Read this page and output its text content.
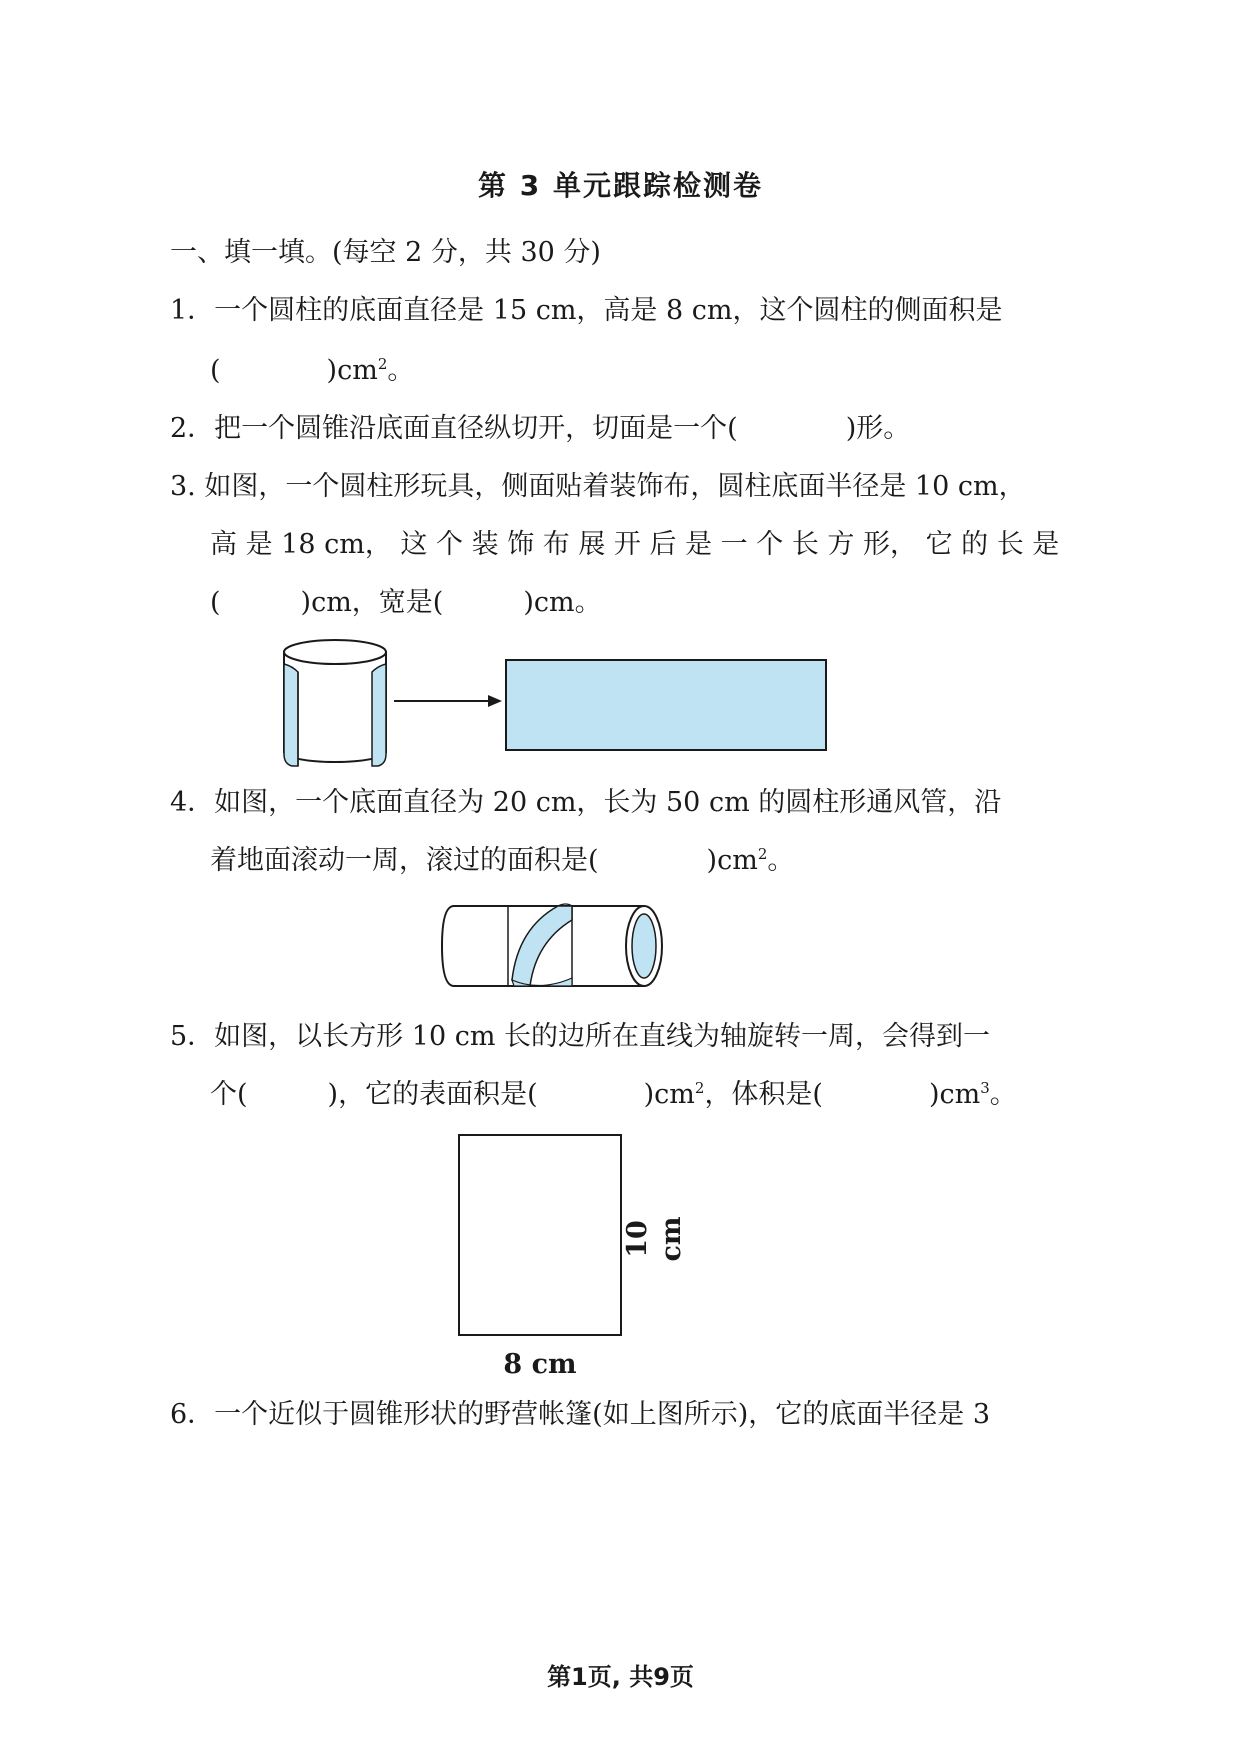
第 3 单元跟踪检测卷
一、填一填。(每空 2 分，共 30 分)
1．一个圆柱的底面直径是 15 cm，高是 8 cm，这个圆柱的侧面积是
(	)$cm^2$。
2．把一个圆锥沿底面直径纵切开，切面是一个(	)形。
3. 如图，一个圆柱形玩具，侧面贴着装饰布，圆柱底面半径是 10 cm，
高 是 18 cm， 这 个 装 饰 布 展 开 后 是 一 个 长 方 形， 它 的 长 是
(	)cm，宽是(	)cm。
4．如图，一个底面直径为 20 cm，长为 50 cm 的圆柱形通风管，沿
着地面滚动一周，滚过的面积是(	)$cm^2$。
5．如图，以长方形 10 cm 长的边所在直线为轴旋转一周，会得到一
个(	)，它的表面积是(	)$cm^2$，体积是(	)$cm^3$。
10 cm
8 cm
6．一个近似于圆锥形状的野营帐篷(如上图所示)，它的底面半径是 3
第1页, 共9页
